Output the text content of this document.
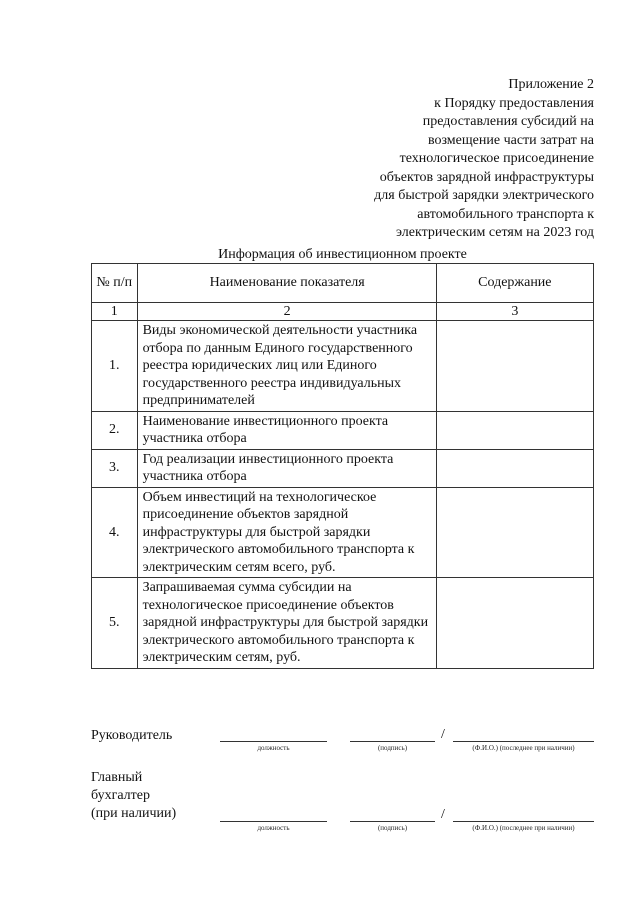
Приложение 2
к Порядку предоставления
предоставления субсидий на
возмещение части затрат на
технологическое присоединение
объектов зарядной инфраструктуры
для быстрой зарядки электрического
автомобильного транспорта к
электрическим сетям на 2023 год
Информация об инвестиционном проекте
№ п/п	Наименование показателя	Содержание
1	2	3
1.	Виды экономической деятельности участника отбора по данным Единого государственного реестра юридических лиц или Единого государственного реестра индивидуальных предпринимателей	
2.	Наименование инвестиционного проекта участника отбора	
3.	Год реализации инвестиционного проекта участника отбора	
4.	Объем инвестиций на технологическое присоединение объектов зарядной инфраструктуры для быстрой зарядки электрического автомобильного транспорта к электрическим сетям всего, руб.	
5.	Запрашиваемая сумма субсидии на технологическое присоединение объектов зарядной инфраструктуры для быстрой зарядки электрического автомобильного транспорта к электрическим сетям, руб.	
Руководитель
должность	(подпись)
/
(Ф.И.О.) (последнее при наличии)
Главный
бухгалтер
(при наличии)
должность	(подпись)
/
(Ф.И.О.) (последнее при наличии)
